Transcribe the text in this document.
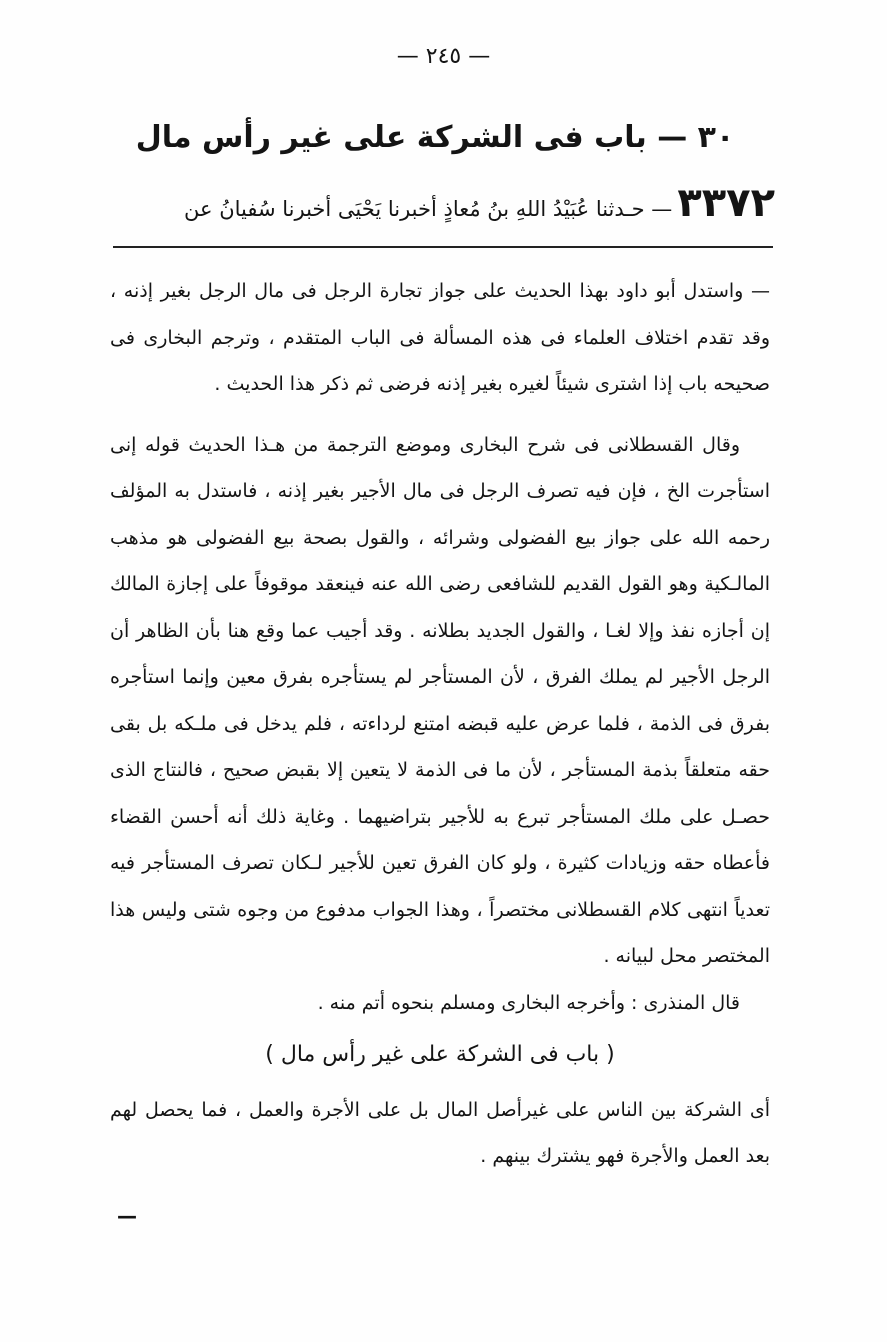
— ٢٤٥ —
٣٠ — باب فى الشركة على غير رأس مال
٣٣٧٢ — حـدثنا عُبَيْدُ اللهِ بنُ مُعاذٍ أخبرنا يَحْيَى أخبرنا سُفيانُ عن

— واستدل أبو داود بهذا الحديث على جواز تجارة الرجل فى مال الرجل بغير إذنه ، وقد تقدم اختلاف العلماء فى هذه المسألة فى الباب المتقدم ، وترجم البخارى فى صحيحه باب إذا اشترى شيئاً لغيره بغير إذنه فرضى ثم ذكر هذا الحديث .

وقال القسطلانى فى شرح البخارى وموضع الترجمة من هـذا الحديث قوله إنى استأجرت الخ ، فإن فيه تصرف الرجل فى مال الأجير بغير إذنه ، فاستدل به المؤلف رحمه الله على جواز بيع الفضولى وشرائه ، والقول بصحة بيع الفضولى هو مذهب المالـكية وهو القول القديم للشافعى رضى الله عنه فينعقد موقوفاً على إجازة المالك إن أجازه نفذ وإلا لغـا ، والقول الجديد بطلانه . وقد أجيب عما وقع هنا بأن الظاهر أن الرجل الأجير لم يملك الفرق ، لأن المستأجر لم يستأجره بفرق معين وإنما استأجره بفرق فى الذمة ، فلما عرض عليه قبضه امتنع لرداءته ، فلم يدخل فى ملـكه بل بقى حقه متعلقاً بذمة المستأجر ، لأن ما فى الذمة لا يتعين إلا بقبض صحيح ، فالنتاج الذى حصـل على ملك المستأجر تبرع به للأجير بتراضيهما . وغاية ذلك أنه أحسن القضاء فأعطاه حقه وزيادات كثيرة ، ولو كان الفرق تعين للأجير لـكان تصرف المستأجر فيه تعدياً انتهى كلام القسطلانى مختصراً ، وهذا الجواب مدفوع من وجوه شتى وليس هذا المختصر محل لبيانه .

قال المنذرى : وأخرجه البخارى ومسلم بنحوه أتم منه .

( باب فى الشركة على غير رأس مال )

أى الشركة بين الناس على غيرأصل المال بل على الأجرة والعمل ، فما يحصل لهم بعد العمل والأجرة فهو يشترك بينهم .

—
